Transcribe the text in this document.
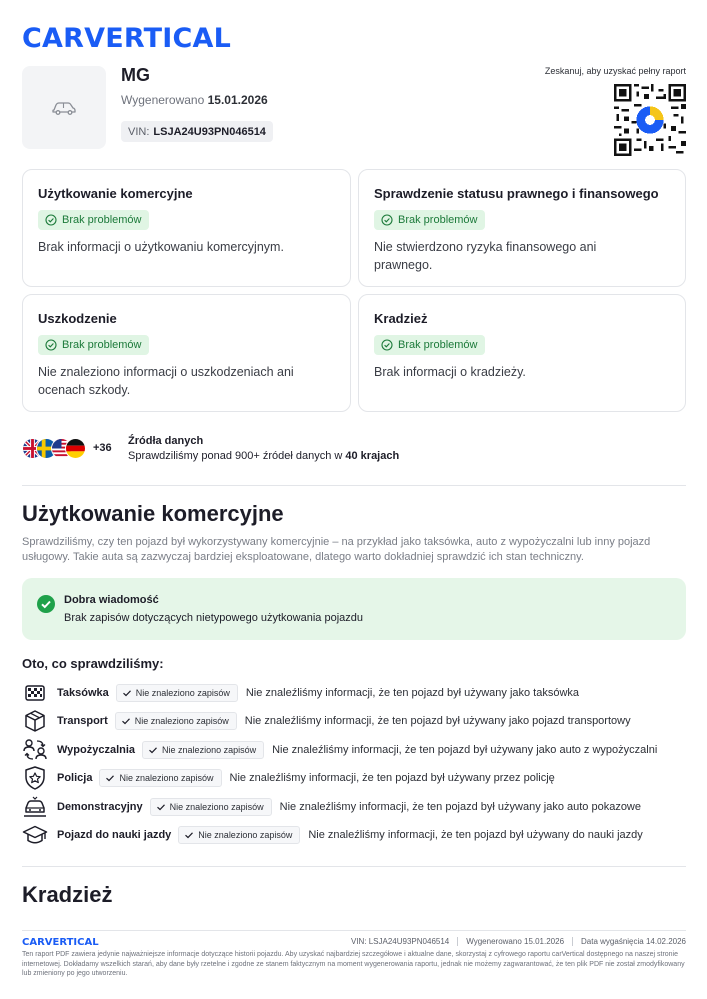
CARVERTICAL
MG
Wygenerowano 15.01.2026
VIN: LSJA24U93PN046514
Zeskanuj, aby uzyskać pełny raport
Użytkowanie komercyjne
Brak problemów
Brak informacji o użytkowaniu komercyjnym.
Sprawdzenie statusu prawnego i finansowego
Brak problemów
Nie stwierdzono ryzyka finansowego ani prawnego.
Uszkodzenie
Brak problemów
Nie znaleziono informacji o uszkodzeniach ani ocenach szkody.
Kradzież
Brak problemów
Brak informacji o kradzieży.
+36
Źródła danych
Sprawdziliśmy ponad 900+ źródeł danych w 40 krajach
Użytkowanie komercyjne
Sprawdziliśmy, czy ten pojazd był wykorzystywany komercyjnie – na przykład jako taksówka, auto z wypożyczalni lub inny pojazd usługowy. Takie auta są zazwyczaj bardziej eksploatowane, dlatego warto dokładniej sprawdzić ich stan techniczny.
Dobra wiadomość
Brak zapisów dotyczących nietypowego użytkowania pojazdu
Oto, co sprawdziliśmy:
Taksówka	Nie znaleziono zapisów Nie znaleźliśmy informacji, że ten pojazd był używany jako taksówka
Transport	Nie znaleziono zapisów Nie znaleźliśmy informacji, że ten pojazd był używany jako pojazd transportowy
Wypożyczalnia	Nie znaleziono zapisów Nie znaleźliśmy informacji, że ten pojazd był używany jako auto z wypożyczalni
Policja	Nie znaleziono zapisów Nie znaleźliśmy informacji, że ten pojazd był używany przez policję
Demonstracyjny	Nie znaleziono zapisów Nie znaleźliśmy informacji, że ten pojazd był używany jako auto pokazowe
Pojazd do nauki jazdy	Nie znaleziono zapisów Nie znaleźliśmy informacji, że ten pojazd był używany do nauki jazdy
Kradzież
CARVERTICAL	VIN: LSJA24U93PN046514	Wygenerowano 15.01.2026	Data wygaśnięcia 14.02.2026
Ten raport PDF zawiera jedynie najważniejsze informacje dotyczące historii pojazdu. Aby uzyskać najbardziej szczegółowe i aktualne dane, skorzystaj z cyfrowego raportu carVertical dostępnego na naszej stronie internetowej. Dokładamy wszelkich starań, aby dane były rzetelne i zgodne ze stanem faktycznym na moment wygenerowania raportu, jednak nie możemy zagwarantować, że ten plik PDF nie został zmodyfikowany lub zmieniony po jego utworzeniu.
